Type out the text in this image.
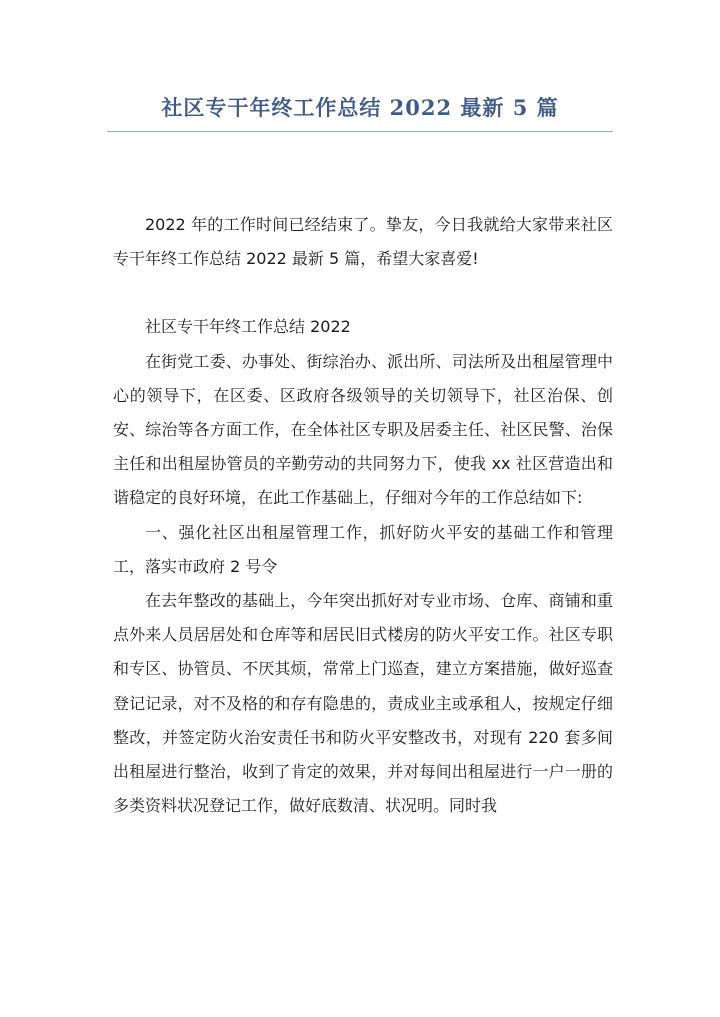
社区专干年终工作总结 2022 最新 5 篇

2022 年的工作时间已经结束了。挚友，今日我就给大家带来社区专干年终工作总结 2022 最新 5 篇，希望大家喜爱!

社区专干年终工作总结 2022

在街党工委、办事处、街综治办、派出所、司法所及出租屋管理中心的领导下，在区委、区政府各级领导的关切领导下，社区治保、创安、综治等各方面工作，在全体社区专职及居委主任、社区民警、治保主任和出租屋协管员的辛勤劳动的共同努力下，使我 xx 社区营造出和谐稳定的良好环境，在此工作基础上，仔细对今年的工作总结如下:

一、强化社区出租屋管理工作，抓好防火平安的基础工作和管理工，落实市政府 2 号令

在去年整改的基础上，今年突出抓好对专业市场、仓库、商铺和重点外来人员居居处和仓库等和居民旧式楼房的防火平安工作。社区专职和专区、协管员、不厌其烦，常常上门巡查，建立方案措施，做好巡查登记记录，对不及格的和存有隐患的，责成业主或承租人，按规定仔细整改，并签定防火治安责任书和防火平安整改书，对现有 220 套多间出租屋进行整治，收到了肯定的效果，并对每间出租屋进行一户一册的多类资料状况登记工作，做好底数清、状况明。同时我
